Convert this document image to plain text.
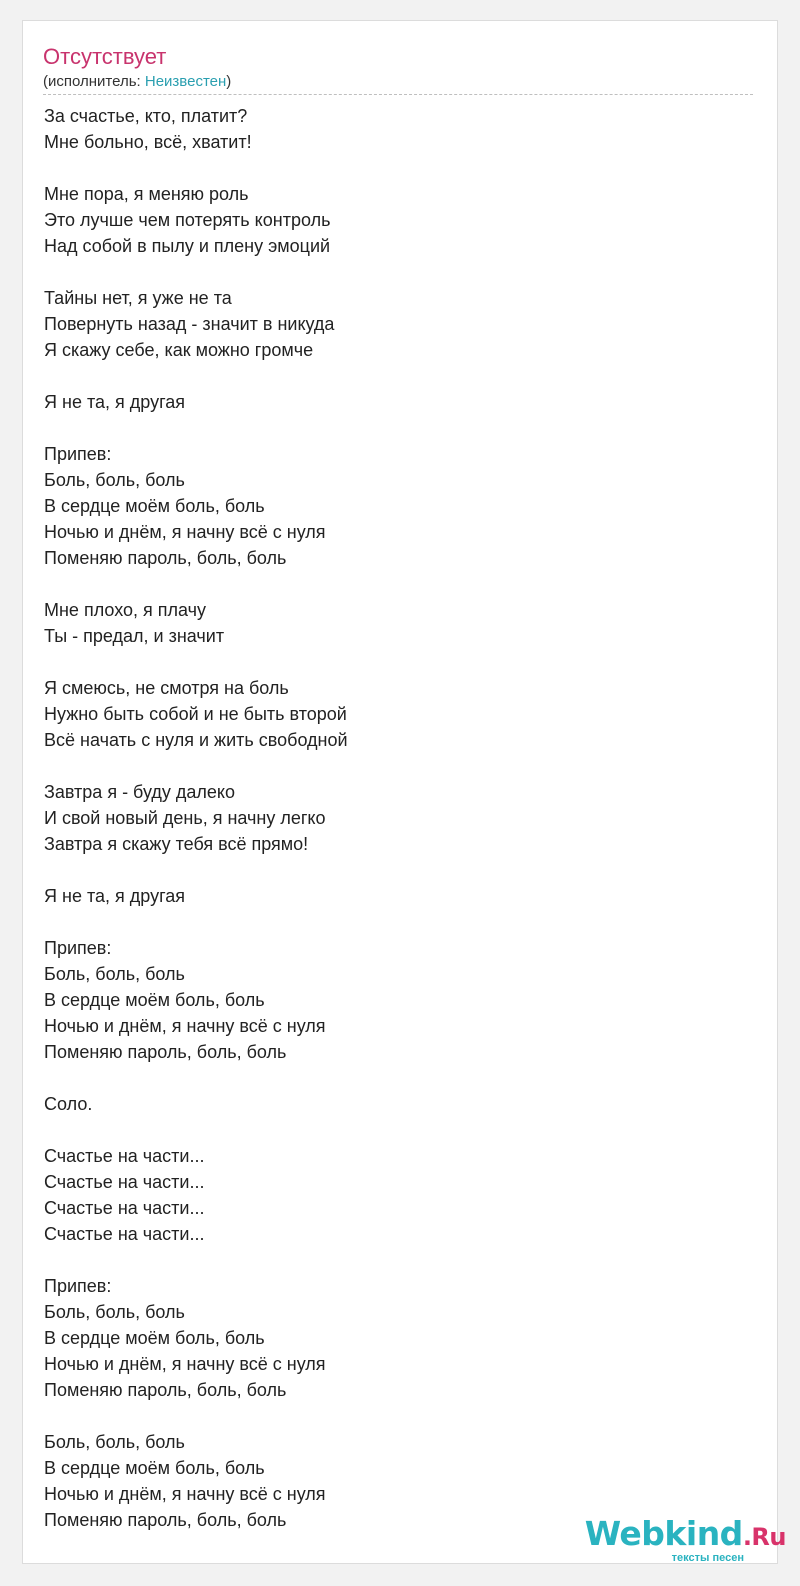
Отсутствует
(исполнитель: Неизвестен)
За счастье, кто, платит?
Мне больно, всё, хватит!
Мне пора, я меняю роль
Это лучше чем потерять контроль
Над собой в пылу и плену эмоций
Тайны нет, я уже не та
Повернуть назад - значит в никуда
Я скажу себе, как можно громче
Я не та, я другая
Припев:
Боль, боль, боль
В сердце моём боль, боль
Ночью и днём, я начну всё с нуля
Поменяю пароль, боль, боль
Мне плохо, я плачу
Ты - предал, и значит
Я смеюсь, не смотря на боль
Нужно быть собой и не быть второй
Всё начать с нуля и жить свободной
Завтра я - буду далеко
И свой новый день, я начну легко
Завтра я скажу тебя всё прямо!
Я не та, я другая
Припев:
Боль, боль, боль
В сердце моём боль, боль
Ночью и днём, я начну всё с нуля
Поменяю пароль, боль, боль
Соло.
Счастье на части...
Счастье на части...
Счастье на части...
Счастье на части...
Припев:
Боль, боль, боль
В сердце моём боль, боль
Ночью и днём, я начну всё с нуля
Поменяю пароль, боль, боль
Боль, боль, боль
В сердце моём боль, боль
Ночью и днём, я начну всё с нуля
Поменяю пароль, боль, боль	Webkind.Ru
тексты песен
